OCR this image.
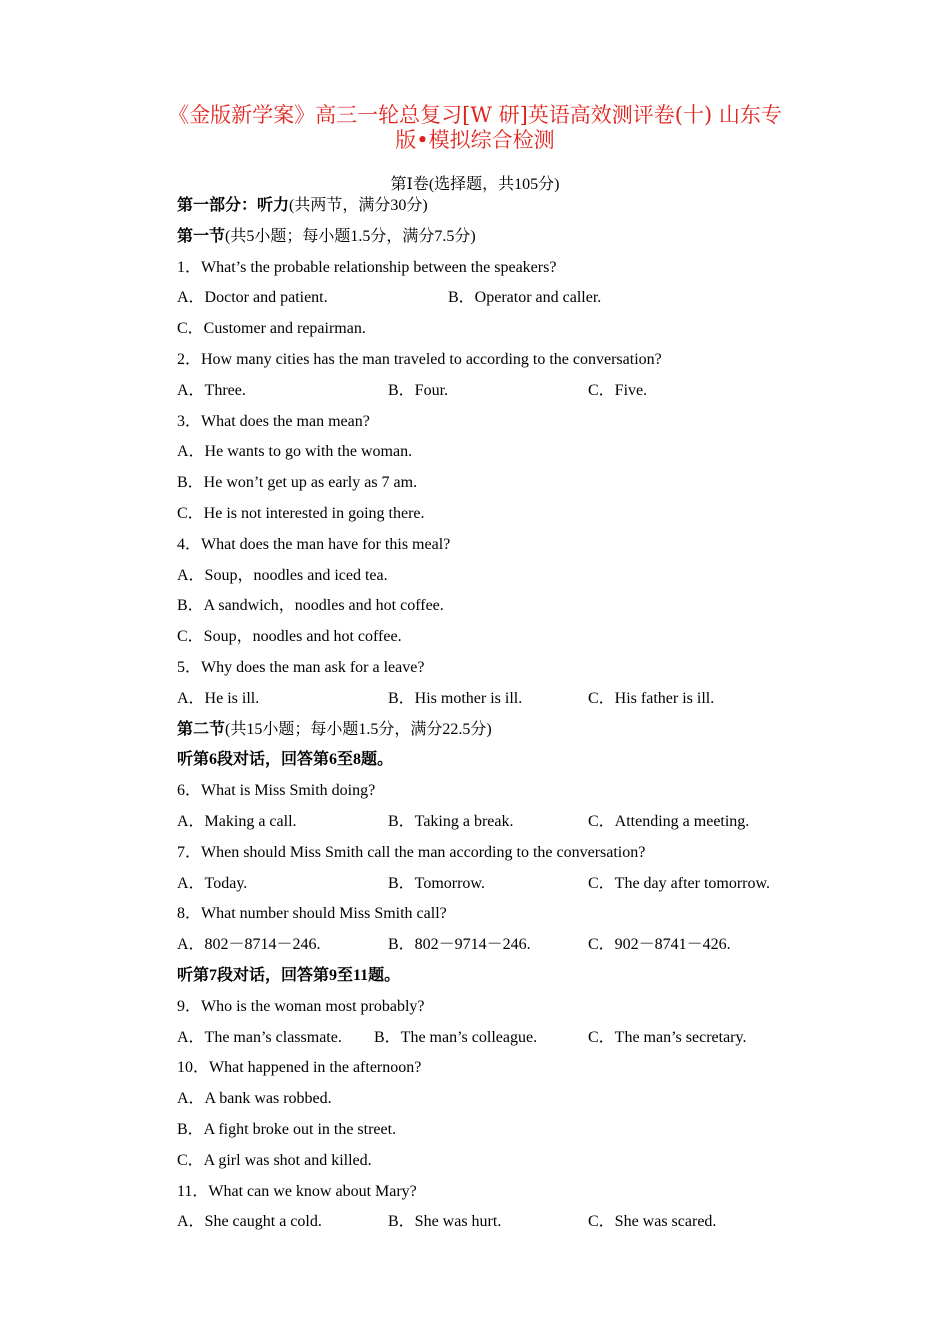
《金版新学案》高三一轮总复习[W 研]英语高效测评卷(十) 山东专
版•模拟综合检测
第Ⅰ卷(选择题，共105分)
第一部分：听力(共两节，满分30分)
第一节(共5小题；每小题1.5分，满分7.5分)
1．What’s the probable relationship between the speakers?
A．Doctor and patient.	B．Operator and caller.
C．Customer and repairman.
2．How many cities has the man traveled to according to the conversation?
A．Three.	B．Four.	C．Five.
3．What does the man mean?
A．He wants to go with the woman.
B．He won’t get up as early as 7 am.
C．He is not interested in going there.
4．What does the man have for this meal?
A．Soup，noodles and iced tea.
B．A sandwich，noodles and hot coffee.
C．Soup，noodles and hot coffee.
5．Why does the man ask for a leave?
A．He is ill.	B．His mother is ill.	C．His father is ill.
第二节(共15小题；每小题1.5分，满分22.5分)
听第6段对话，回答第6至8题。
6．What is Miss Smith doing?
A．Making a call.	B．Taking a break.	C．Attending a meeting.
7．When should Miss Smith call the man according to the conversation?
A．Today.	B．Tomorrow.	C．The day after tomorrow.
8．What number should Miss Smith call?
A．802－8714－246.	B．802－9714－246.	C．902－8741－426.
听第7段对话，回答第9至11题。
9．Who is the woman most probably?
A．The man’s classmate. B．The man’s colleague.	C．The man’s secretary.
10．What happened in the afternoon?
A．A bank was robbed.
B．A fight broke out in the street.
C．A girl was shot and killed.
11．What can we know about Mary?
A．She caught a cold.	B．She was hurt.	C．She was scared.
